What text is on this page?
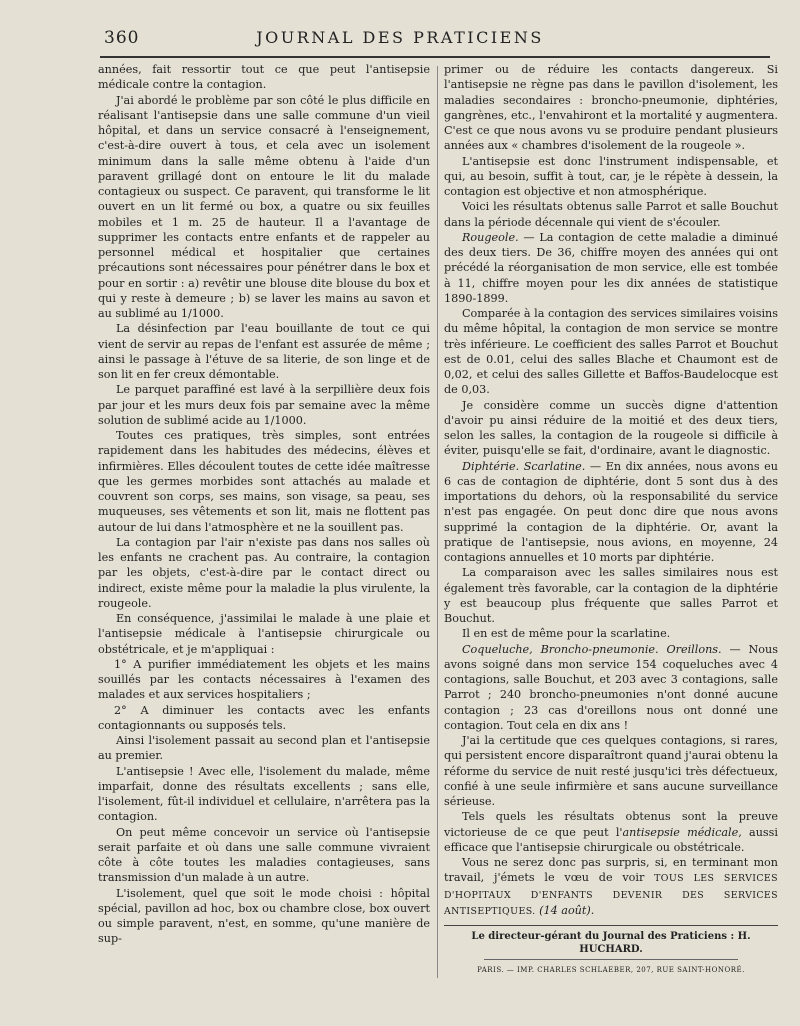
360	JOURNAL DES PRATICIENS

années, fait ressortir tout ce que peut l'antisepsie médicale contre la contagion.

J'ai abordé le problème par son côté le plus difficile en réalisant l'antisepsie dans une salle commune d'un vieil hôpital, et dans un service consacré à l'enseignement, c'est-à-dire ouvert à tous, et cela avec un isolement minimum dans la salle même obtenu à l'aide d'un paravent grillagé dont on entoure le lit du malade contagieux ou suspect. Ce paravent, qui transforme le lit ouvert en un lit fermé ou box, a quatre ou six feuilles mobiles et 1 m. 25 de hauteur. Il a l'avantage de supprimer les contacts entre enfants et de rappeler au personnel médical et hospitalier que certaines précautions sont nécessaires pour pénétrer dans le box et pour en sortir : a) revêtir une blouse dite blouse du box et qui y reste à demeure ; b) se laver les mains au savon et au sublimé au 1/1000.

La désinfection par l'eau bouillante de tout ce qui vient de servir au repas de l'enfant est assurée de même ; ainsi le passage à l'étuve de sa literie, de son linge et de son lit en fer creux démontable.

Le parquet paraffiné est lavé à la serpillière deux fois par jour et les murs deux fois par semaine avec la même solution de sublimé acide au 1/1000.

Toutes ces pratiques, très simples, sont entrées rapidement dans les habitudes des médecins, élèves et infirmières. Elles découlent toutes de cette idée maîtresse que les germes morbides sont attachés au malade et couvrent son corps, ses mains, son visage, sa peau, ses muqueuses, ses vêtements et son lit, mais ne flottent pas autour de lui dans l'atmosphère et ne la souillent pas.

La contagion par l'air n'existe pas dans nos salles où les enfants ne crachent pas. Au contraire, la contagion par les objets, c'est-à-dire par le contact direct ou indirect, existe même pour la maladie la plus virulente, la rougeole.

En conséquence, j'assimilai le malade à une plaie et l'antisepsie médicale à l'antisepsie chirurgicale ou obstétricale, et je m'appliquai :

1° A purifier immédiatement les objets et les mains souillés par les contacts nécessaires à l'examen des malades et aux services hospitaliers ;

2° A diminuer les contacts avec les enfants contagionnants ou supposés tels.

Ainsi l'isolement passait au second plan et l'antisepsie au premier.

L'antisepsie ! Avec elle, l'isolement du malade, même imparfait, donne des résultats excellents ; sans elle, l'isolement, fût-il individuel et cellulaire, n'arrêtera pas la contagion.

On peut même concevoir un service où l'antisepsie serait parfaite et où dans une salle commune vivraient côte à côte toutes les maladies contagieuses, sans transmission d'un malade à un autre.

L'isolement, quel que soit le mode choisi : hôpital spécial, pavillon ad hoc, box ou chambre close, box ouvert ou simple paravent, n'est, en somme, qu'une manière de sup-

primer ou de réduire les contacts dangereux. Si l'antisepsie ne règne pas dans le pavillon d'isolement, les maladies secondaires : broncho-pneumonie, diphtéries, gangrènes, etc., l'envahiront et la mortalité y augmentera. C'est ce que nous avons vu se produire pendant plusieurs années aux « chambres d'isolement de la rougeole ».

L'antisepsie est donc l'instrument indispensable, et qui, au besoin, suffit à tout, car, je le répète à dessein, la contagion est objective et non atmosphérique.

Voici les résultats obtenus salle Parrot et salle Bouchut dans la période décennale qui vient de s'écouler.

Rougeole. — La contagion de cette maladie a diminué des deux tiers. De 36, chiffre moyen des années qui ont précédé la réorganisation de mon service, elle est tombée à 11, chiffre moyen pour les dix années de statistique 1890-1899.

Comparée à la contagion des services similaires voisins du même hôpital, la contagion de mon service se montre très inférieure. Le coefficient des salles Parrot et Bouchut est de 0.01, celui des salles Blache et Chaumont est de 0,02, et celui des salles Gillette et Baffos-Baudelocque est de 0,03.

Je considère comme un succès digne d'attention d'avoir pu ainsi réduire de la moitié et des deux tiers, selon les salles, la contagion de la rougeole si difficile à éviter, puisqu'elle se fait, d'ordinaire, avant le diagnostic.

Diphtérie. Scarlatine. — En dix années, nous avons eu 6 cas de contagion de diphtérie, dont 5 sont dus à des importations du dehors, où la responsabilité du service n'est pas engagée. On peut donc dire que nous avons supprimé la contagion de la diphtérie. Or, avant la pratique de l'antisepsie, nous avions, en moyenne, 24 contagions annuelles et 10 morts par diphtérie.

La comparaison avec les salles similaires nous est également très favorable, car la contagion de la diphtérie y est beaucoup plus fréquente que salles Parrot et Bouchut.

Il en est de même pour la scarlatine.

Coqueluche, Broncho-pneumonie. Oreillons. — Nous avons soigné dans mon service 154 coqueluches avec 4 contagions, salle Bouchut, et 203 avec 3 contagions, salle Parrot ; 240 broncho-pneumonies n'ont donné aucune contagion ; 23 cas d'oreillons nous ont donné une contagion. Tout cela en dix ans !

J'ai la certitude que ces quelques contagions, si rares, qui persistent encore disparaîtront quand j'aurai obtenu la réforme du service de nuit resté jusqu'ici très défectueux, confié à une seule infirmière et sans aucune surveillance sérieuse.

Tels quels les résultats obtenus sont la preuve victorieuse de ce que peut l'antisepsie médicale, aussi efficace que l'antisepsie chirurgicale ou obstétricale.

Vous ne serez donc pas surpris, si, en terminant mon travail, j'émets le vœu de voir TOUS LES SERVICES D'HOPITAUX D'ENFANTS DEVENIR DES SERVICES ANTISEPTIQUES. (14 août).

Le directeur-gérant du Journal des Praticiens : H. HUCHARD.
PARIS. — IMP. CHARLES SCHLAEBER, 207, RUE SAINT-HONORÉ.
